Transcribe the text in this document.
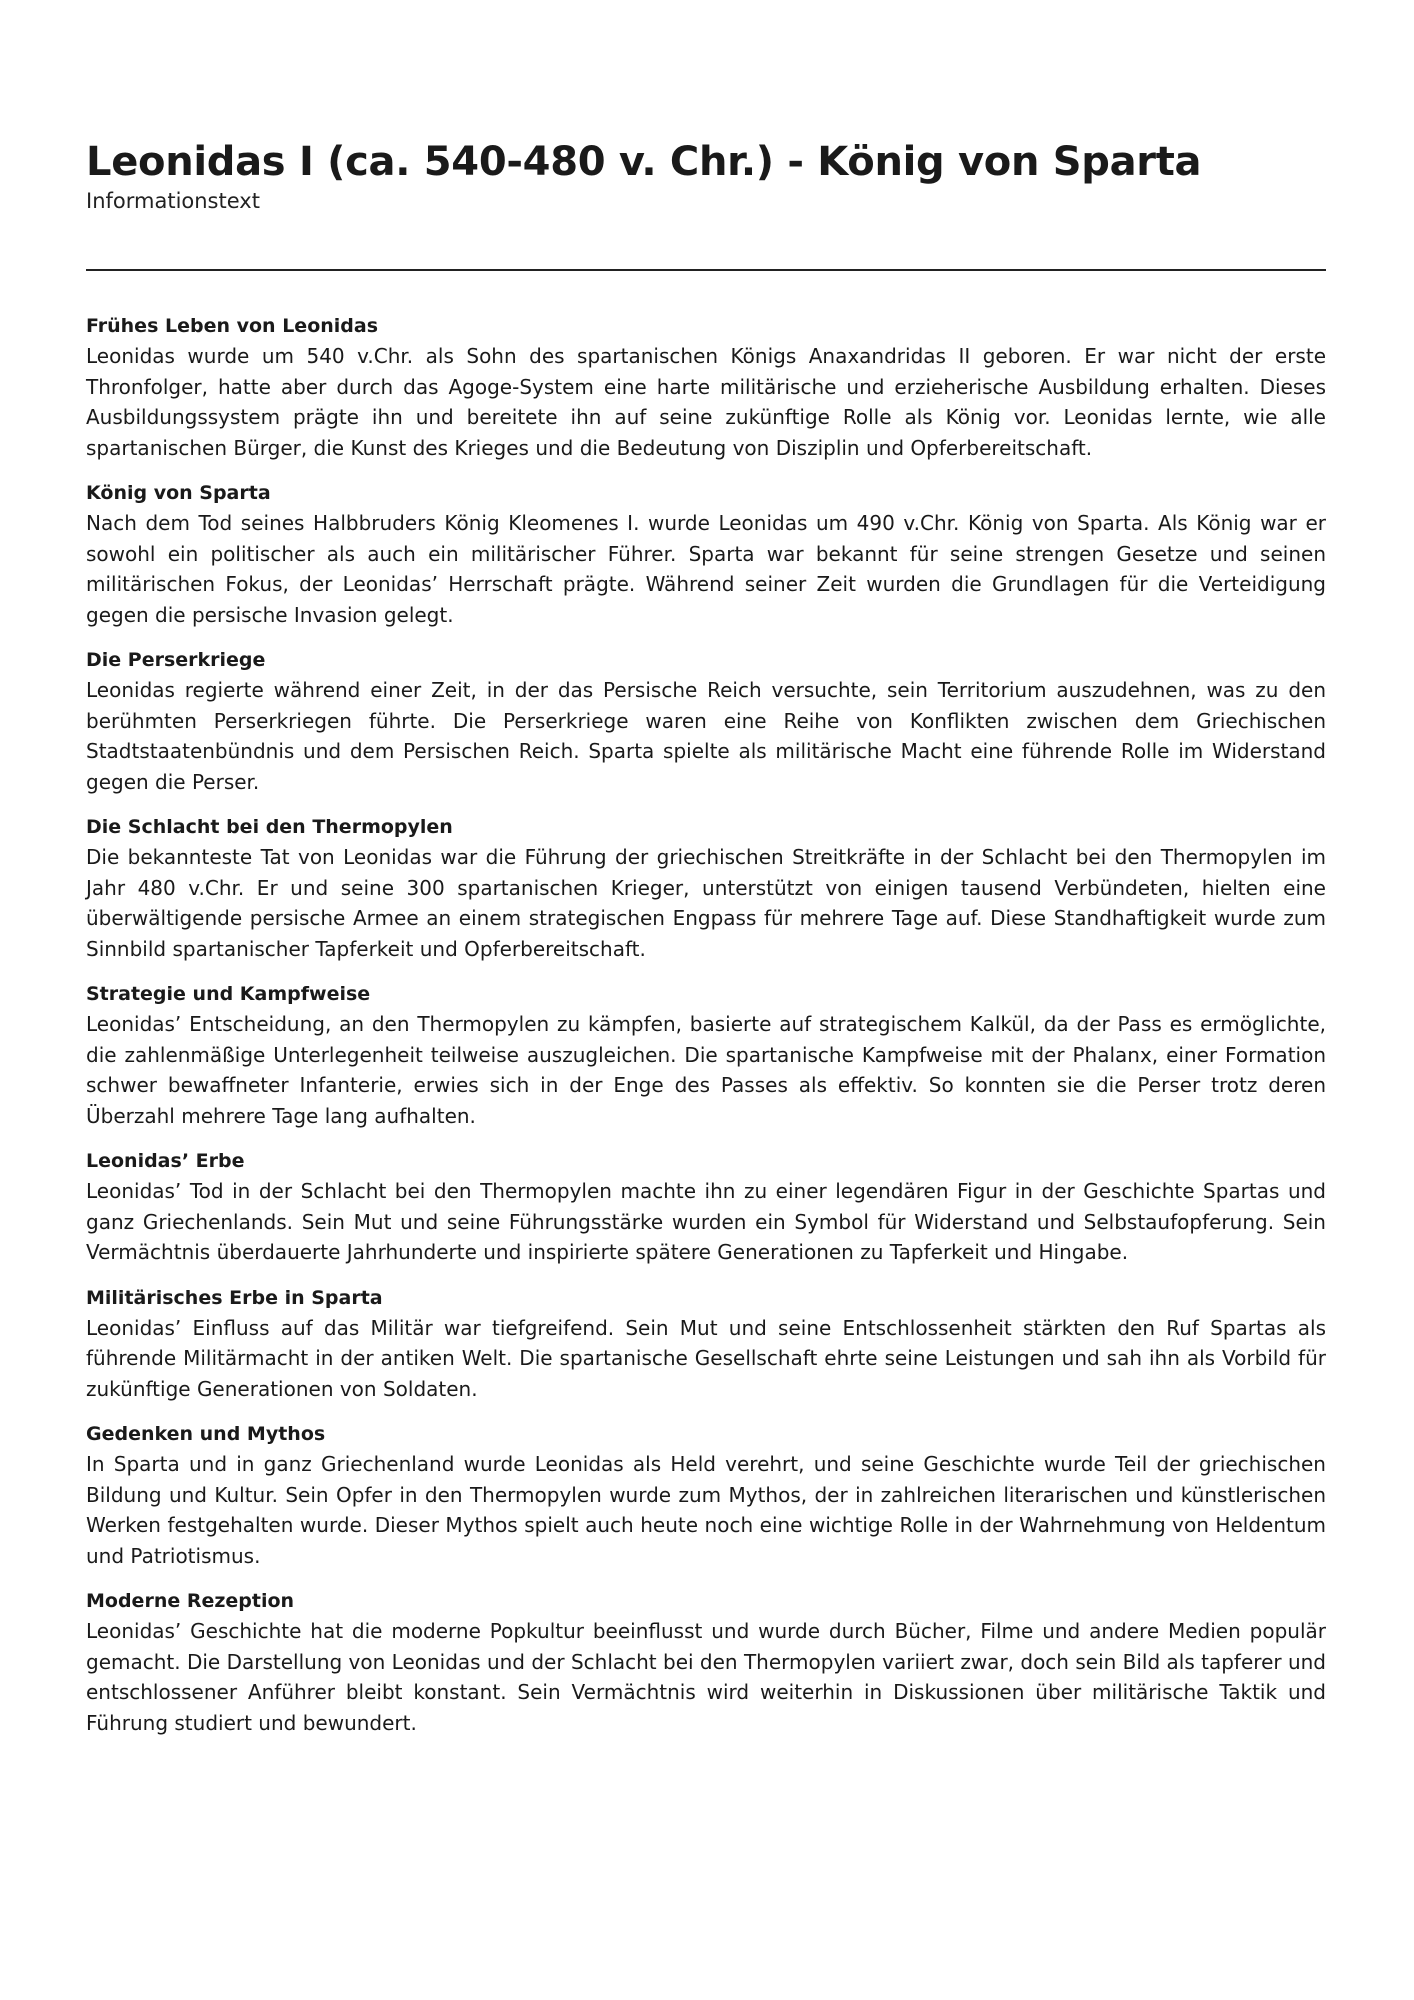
Leonidas I (ca. 540-480 v. Chr.) - König von Sparta
Informationstext
Frühes Leben von Leonidas

Leonidas wurde um 540 v.Chr. als Sohn des spartanischen Königs Anaxandridas II geboren. Er war nicht der erste Thronfolger, hatte aber durch das Agoge-System eine harte militärische und erzieherische Ausbildung erhalten. Dieses Ausbildungssystem prägte ihn und bereitete ihn auf seine zukünftige Rolle als König vor. Leonidas lernte, wie alle spartanischen Bürger, die Kunst des Krieges und die Bedeutung von Disziplin und Opferbereitschaft.

König von Sparta

Nach dem Tod seines Halbbruders König Kleomenes I. wurde Leonidas um 490 v.Chr. König von Sparta. Als König war er sowohl ein politischer als auch ein militärischer Führer. Sparta war bekannt für seine strengen Gesetze und seinen militärischen Fokus, der Leonidas’ Herrschaft prägte. Während seiner Zeit wurden die Grundlagen für die Verteidigung gegen die persische Invasion gelegt.

Die Perserkriege

Leonidas regierte während einer Zeit, in der das Persische Reich versuchte, sein Territorium auszudehnen, was zu den berühmten Perserkriegen führte. Die Perserkriege waren eine Reihe von Konflikten zwischen dem Griechischen Stadtstaatenbündnis und dem Persischen Reich. Sparta spielte als militärische Macht eine führende Rolle im Widerstand gegen die Perser.

Die Schlacht bei den Thermopylen

Die bekannteste Tat von Leonidas war die Führung der griechischen Streitkräfte in der Schlacht bei den Thermopylen im Jahr 480 v.Chr. Er und seine 300 spartanischen Krieger, unterstützt von einigen tausend Verbündeten, hielten eine überwältigende persische Armee an einem strategischen Engpass für mehrere Tage auf. Diese Standhaftigkeit wurde zum Sinnbild spartanischer Tapferkeit und Opferbereitschaft.

Strategie und Kampfweise

Leonidas’ Entscheidung, an den Thermopylen zu kämpfen, basierte auf strategischem Kalkül, da der Pass es ermöglichte, die zahlenmäßige Unterlegenheit teilweise auszugleichen. Die spartanische Kampfweise mit der Phalanx, einer Formation schwer bewaffneter Infanterie, erwies sich in der Enge des Passes als effektiv. So konnten sie die Perser trotz deren Überzahl mehrere Tage lang aufhalten.

Leonidas’ Erbe

Leonidas’ Tod in der Schlacht bei den Thermopylen machte ihn zu einer legendären Figur in der Geschichte Spartas und ganz Griechenlands. Sein Mut und seine Führungsstärke wurden ein Symbol für Widerstand und Selbstaufopferung. Sein Vermächtnis überdauerte Jahrhunderte und inspirierte spätere Generationen zu Tapferkeit und Hingabe.

Militärisches Erbe in Sparta

Leonidas’ Einfluss auf das Militär war tiefgreifend. Sein Mut und seine Entschlossenheit stärkten den Ruf Spartas als führende Militärmacht in der antiken Welt. Die spartanische Gesellschaft ehrte seine Leistungen und sah ihn als Vorbild für zukünftige Generationen von Soldaten.

Gedenken und Mythos

In Sparta und in ganz Griechenland wurde Leonidas als Held verehrt, und seine Geschichte wurde Teil der griechischen Bildung und Kultur. Sein Opfer in den Thermopylen wurde zum Mythos, der in zahlreichen literarischen und künstlerischen Werken festgehalten wurde. Dieser Mythos spielt auch heute noch eine wichtige Rolle in der Wahrnehmung von Heldentum und Patriotismus.

Moderne Rezeption

Leonidas’ Geschichte hat die moderne Popkultur beeinflusst und wurde durch Bücher, Filme und andere Medien populär gemacht. Die Darstellung von Leonidas und der Schlacht bei den Thermopylen variiert zwar, doch sein Bild als tapferer und entschlossener Anführer bleibt konstant. Sein Vermächtnis wird weiterhin in Diskussionen über militärische Taktik und Führung studiert und bewundert.
